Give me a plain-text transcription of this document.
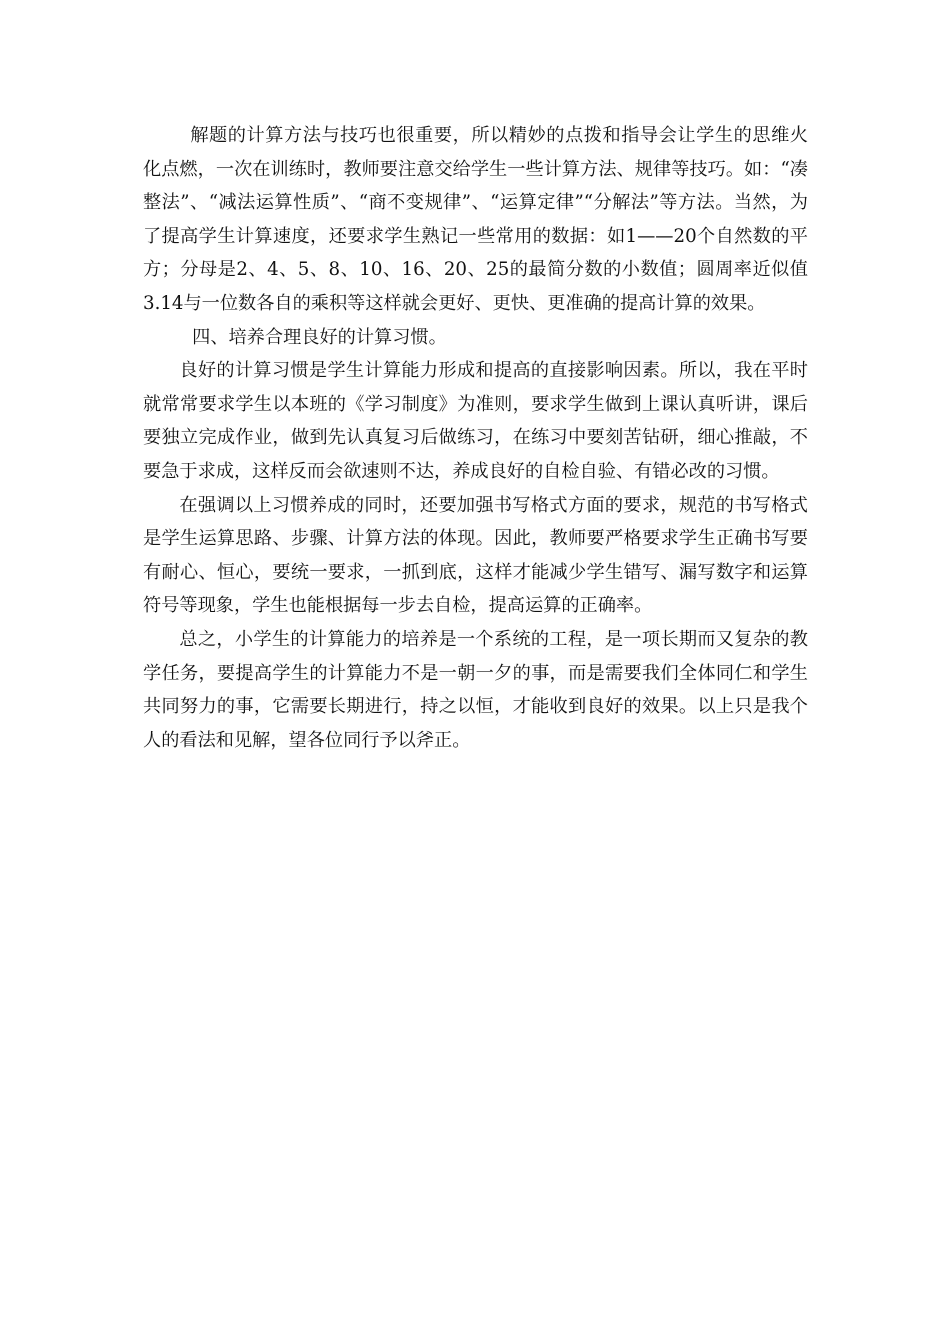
解题的计算方法与技巧也很重要，所以精妙的点拨和指导会让学生的思维火化点燃，一次在训练时，教师要注意交给学生一些计算方法、规律等技巧。如：“凑整法”、“减法运算性质”、“商不变规律”、“运算定律”“分解法”等方法。当然，为了提高学生计算速度，还要求学生熟记一些常用的数据：如1——20个自然数的平方；分母是2、4、5、8、10、16、20、25的最简分数的小数值；圆周率近似值3.14与一位数各自的乘积等这样就会更好、更快、更准确的提高计算的效果。

四、培养合理良好的计算习惯。

良好的计算习惯是学生计算能力形成和提高的直接影响因素。所以，我在平时就常常要求学生以本班的《学习制度》为准则，要求学生做到上课认真听讲，课后要独立完成作业，做到先认真复习后做练习，在练习中要刻苦钻研，细心推敲，不要急于求成，这样反而会欲速则不达，养成良好的自检自验、有错必改的习惯。

在强调以上习惯养成的同时，还要加强书写格式方面的要求，规范的书写格式是学生运算思路、步骤、计算方法的体现。因此，教师要严格要求学生正确书写要有耐心、恒心，要统一要求，一抓到底，这样才能减少学生错写、漏写数字和运算符号等现象，学生也能根据每一步去自检，提高运算的正确率。

总之，小学生的计算能力的培养是一个系统的工程，是一项长期而又复杂的教学任务，要提高学生的计算能力不是一朝一夕的事，而是需要我们全体同仁和学生共同努力的事，它需要长期进行，持之以恒，才能收到良好的效果。以上只是我个人的看法和见解，望各位同行予以斧正。
